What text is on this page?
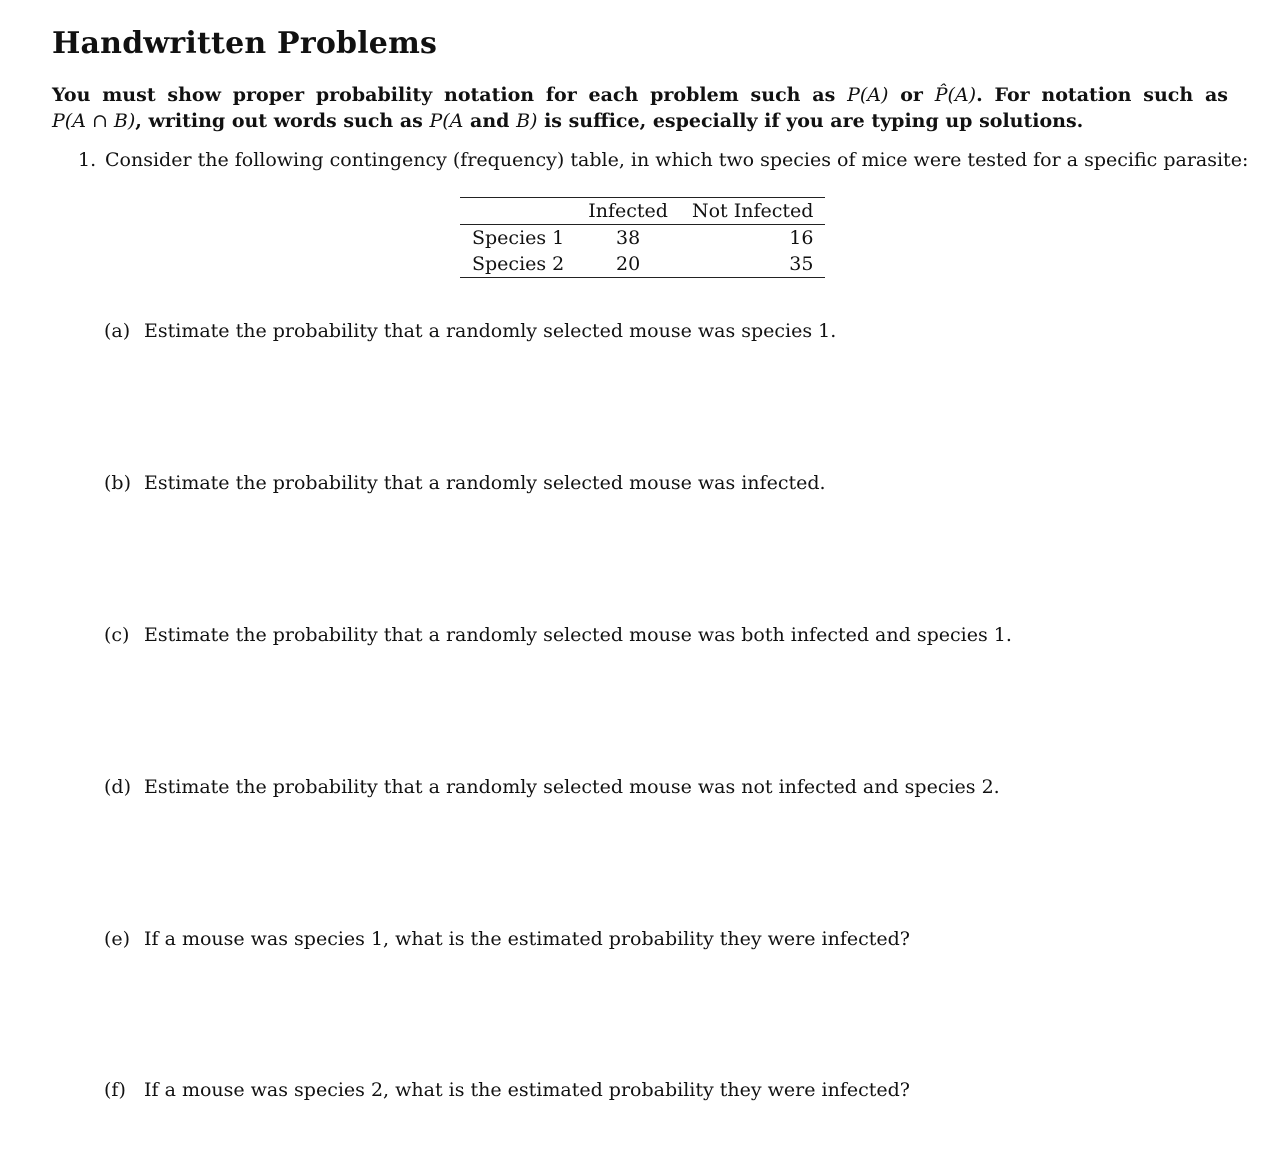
Handwritten Problems
You must show proper probability notation for each problem such as P(A) or P̂(A). For notation such as
P(A ∩ B), writing out words such as P(A and B) is suffice, especially if you are typing up solutions.
1. Consider the following contingency (frequency) table, in which two species of mice were tested for a specific parasite:
	Infected	Not Infected
Species 1	38	16
Species 2	20	35
(a) Estimate the probability that a randomly selected mouse was species 1.
(b) Estimate the probability that a randomly selected mouse was infected.
(c) Estimate the probability that a randomly selected mouse was both infected and species 1.
(d) Estimate the probability that a randomly selected mouse was not infected and species 2.
(e) If a mouse was species 1, what is the estimated probability they were infected?
(f) If a mouse was species 2, what is the estimated probability they were infected?
